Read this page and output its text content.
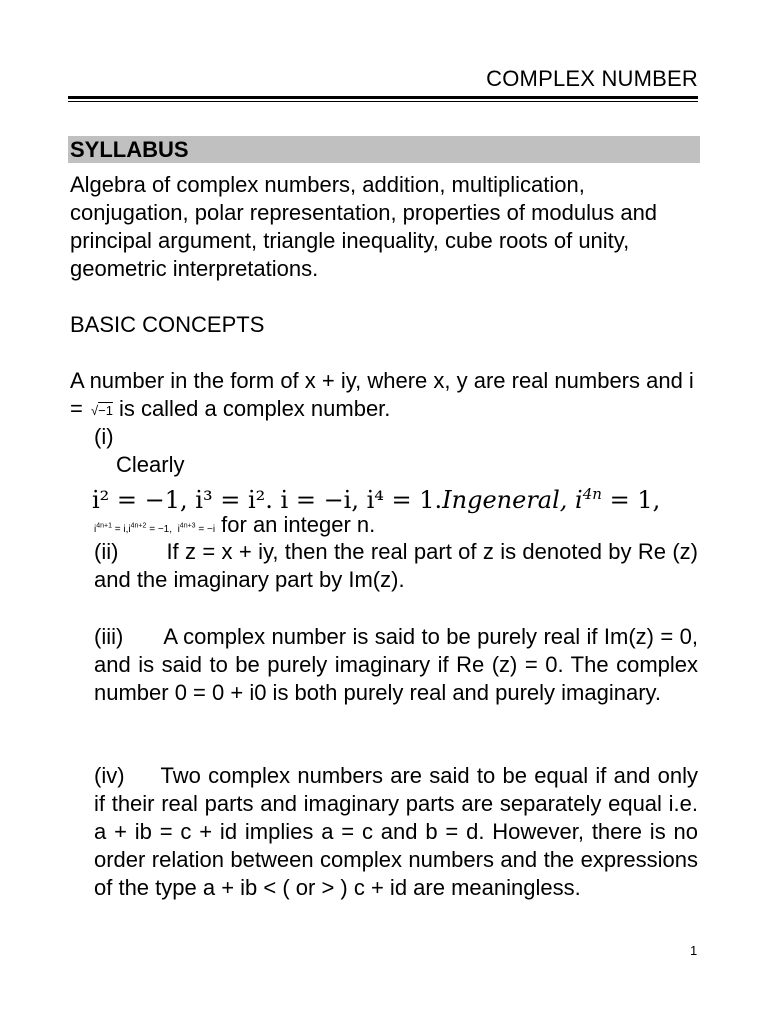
COMPLEX NUMBER
SYLLABUS
Algebra of complex numbers, addition, multiplication, conjugation, polar representation, properties of modulus and principal argument, triangle inequality, cube roots of unity, geometric interpretations.
BASIC CONCEPTS
A number in the form of x + iy, where x, y are real numbers and i = √−1 is called a complex number.
(i)
Clearly
i² = −1, i³ = i². i = −i, i⁴ = 1.Ingeneral, $i^{4n} = 1$,
$i^{4n+1} = i,i^{4n+2} = -1$, $i^{4n+3} = -i$ for an integer n.
(ii) If z = x + iy, then the real part of z is denoted by Re (z) and the imaginary part by Im(z).
(iii) A complex number is said to be purely real if Im(z) = 0, and is said to be purely imaginary if Re (z) = 0. The complex number 0 = 0 + i0 is both purely real and purely imaginary.
(iv) Two complex numbers are said to be equal if and only if their real parts and imaginary parts are separately equal i.e. a + ib = c + id implies a = c and b = d. However, there is no order relation between complex numbers and the expressions of the type a + ib < ( or > ) c + id are meaningless.
1
